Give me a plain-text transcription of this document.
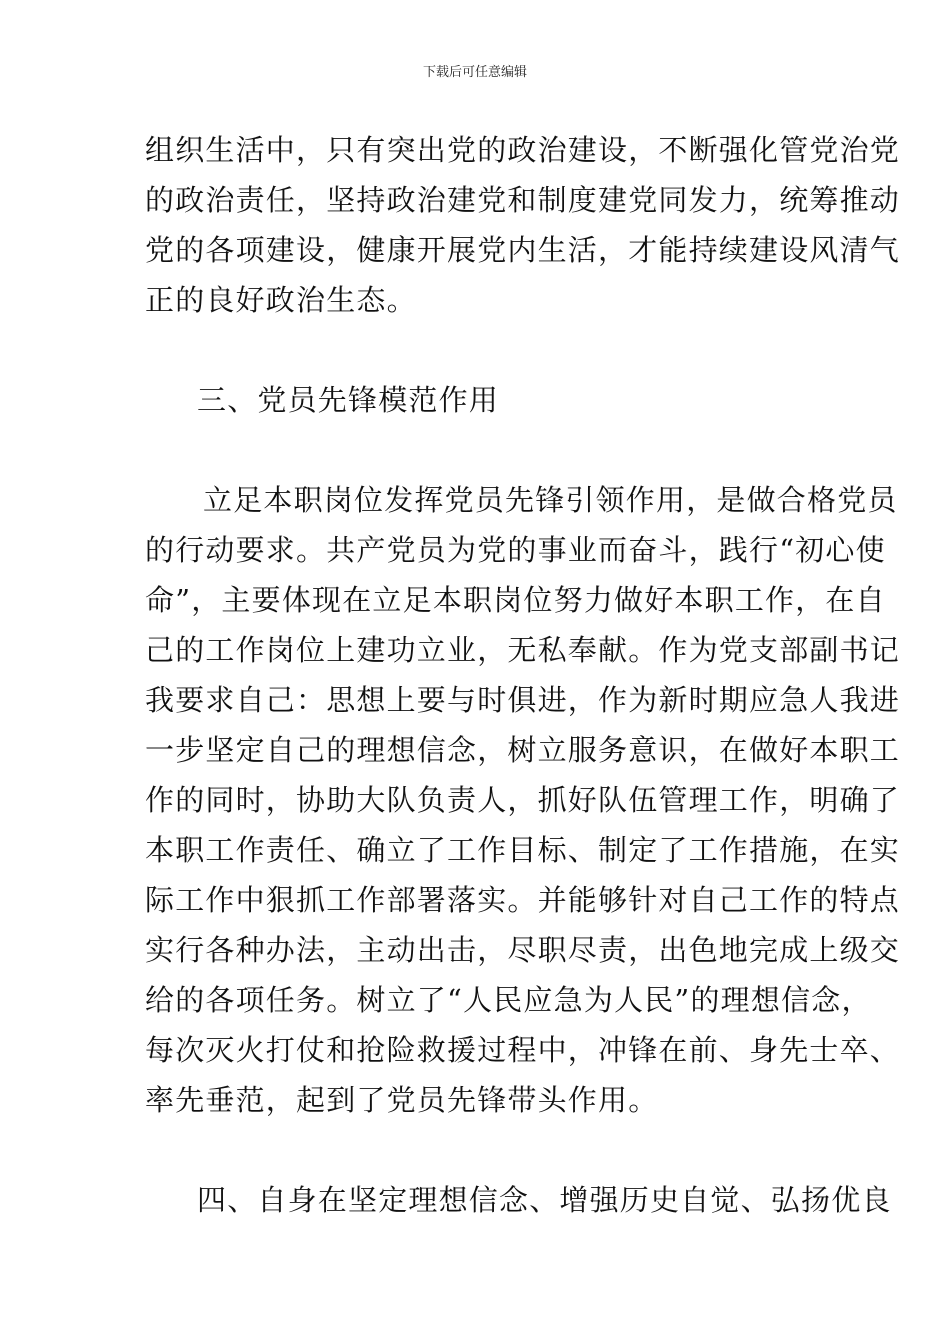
下载后可任意编辑
组织生活中，只有突出党的政治建设，不断强化管党治党
的政治责任，坚持政治建党和制度建党同发力，统筹推动
党的各项建设，健康开展党内生活，才能持续建设风清气
正的良好政治生态。
三、党员先锋模范作用
立足本职岗位发挥党员先锋引领作用，是做合格党员
的行动要求。共产党员为党的事业而奋斗，践行“初心使
命”，主要体现在立足本职岗位努力做好本职工作，在自
己的工作岗位上建功立业，无私奉献。作为党支部副书记
我要求自己：思想上要与时俱进，作为新时期应急人我进
一步坚定自己的理想信念，树立服务意识，在做好本职工
作的同时，协助大队负责人，抓好队伍管理工作，明确了
本职工作责任、确立了工作目标、制定了工作措施，在实
际工作中狠抓工作部署落实。并能够针对自己工作的特点
实行各种办法，主动出击，尽职尽责，出色地完成上级交
给的各项任务。树立了“人民应急为人民”的理想信念，
每次灭火打仗和抢险救援过程中，冲锋在前、身先士卒、
率先垂范，起到了党员先锋带头作用。
四、自身在坚定理想信念、增强历史自觉、弘扬优良
